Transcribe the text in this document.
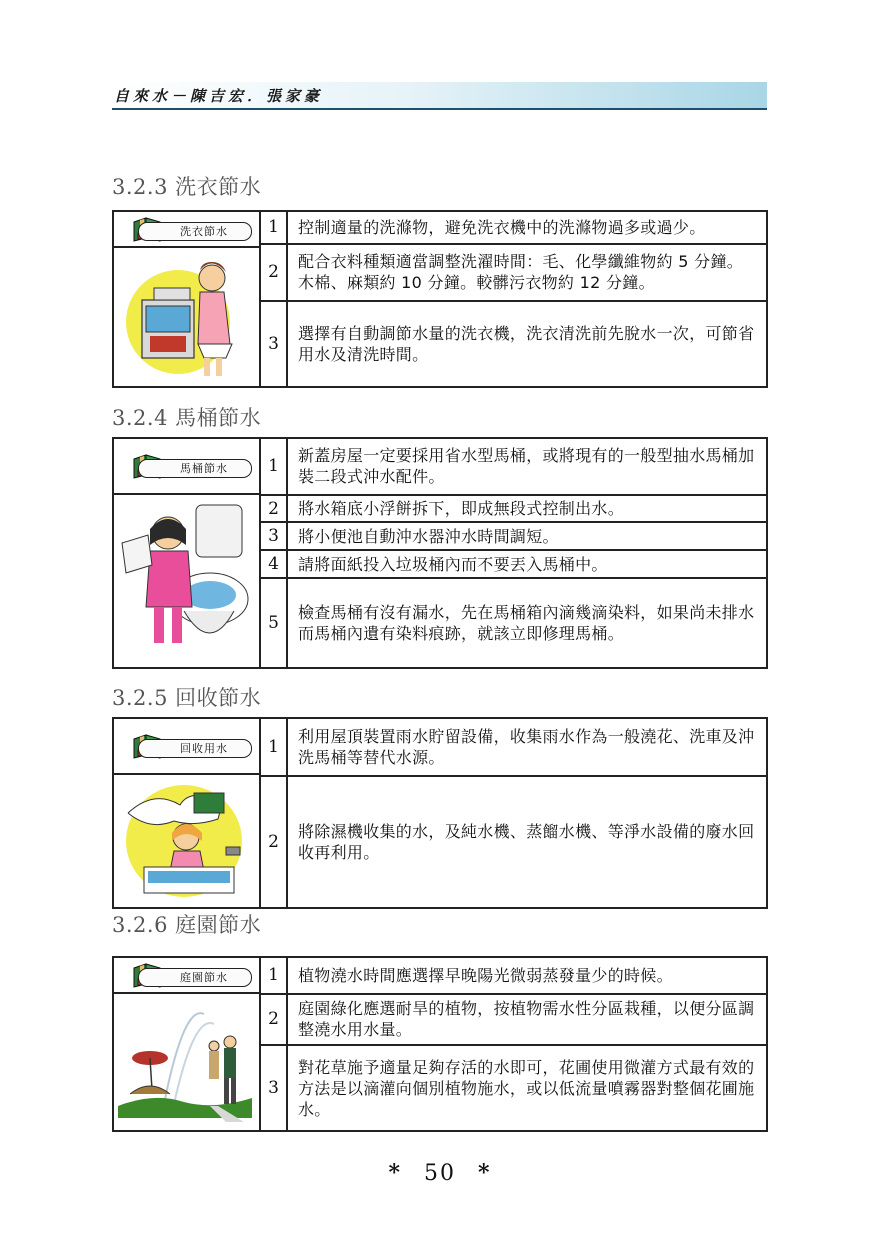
自來水－陳吉宏．張家豪
3.2.3 洗衣節水
洗衣節水	1	控制適量的洗滌物，避免洗衣機中的洗滌物過多或過少。
	2	配合衣料種類適當調整洗濯時間：毛、化學纖維物約 5 分鐘。木棉、麻類約 10 分鐘。較髒污衣物約 12 分鐘。
	3	選擇有自動調節水量的洗衣機，洗衣清洗前先脫水一次，可節省用水及清洗時間。
3.2.4 馬桶節水
馬桶節水	1	新蓋房屋一定要採用省水型馬桶，或將現有的一般型抽水馬桶加裝二段式沖水配件。
	2	將水箱底小浮餅拆下，即成無段式控制出水。
	3	將小便池自動沖水器沖水時間調短。
	4	請將面紙投入垃圾桶內而不要丟入馬桶中。
	5	檢查馬桶有沒有漏水，先在馬桶箱內滴幾滴染料，如果尚未排水而馬桶內遺有染料痕跡，就該立即修理馬桶。
3.2.5 回收節水
回收用水	1	利用屋頂裝置雨水貯留設備，收集雨水作為一般澆花、洗車及沖洗馬桶等替代水源。
	2	將除濕機收集的水，及純水機、蒸餾水機、等淨水設備的廢水回收再利用。
3.2.6 庭園節水
庭園節水	1	植物澆水時間應選擇早晚陽光微弱蒸發量少的時候。
	2	庭園綠化應選耐旱的植物，按植物需水性分區栽種，以便分區調整澆水用水量。
	3	對花草施予適量足夠存活的水即可，花圃使用微灌方式最有效的方法是以滴灌向個別植物施水，或以低流量噴霧器對整個花圃施水。
* 50 *
